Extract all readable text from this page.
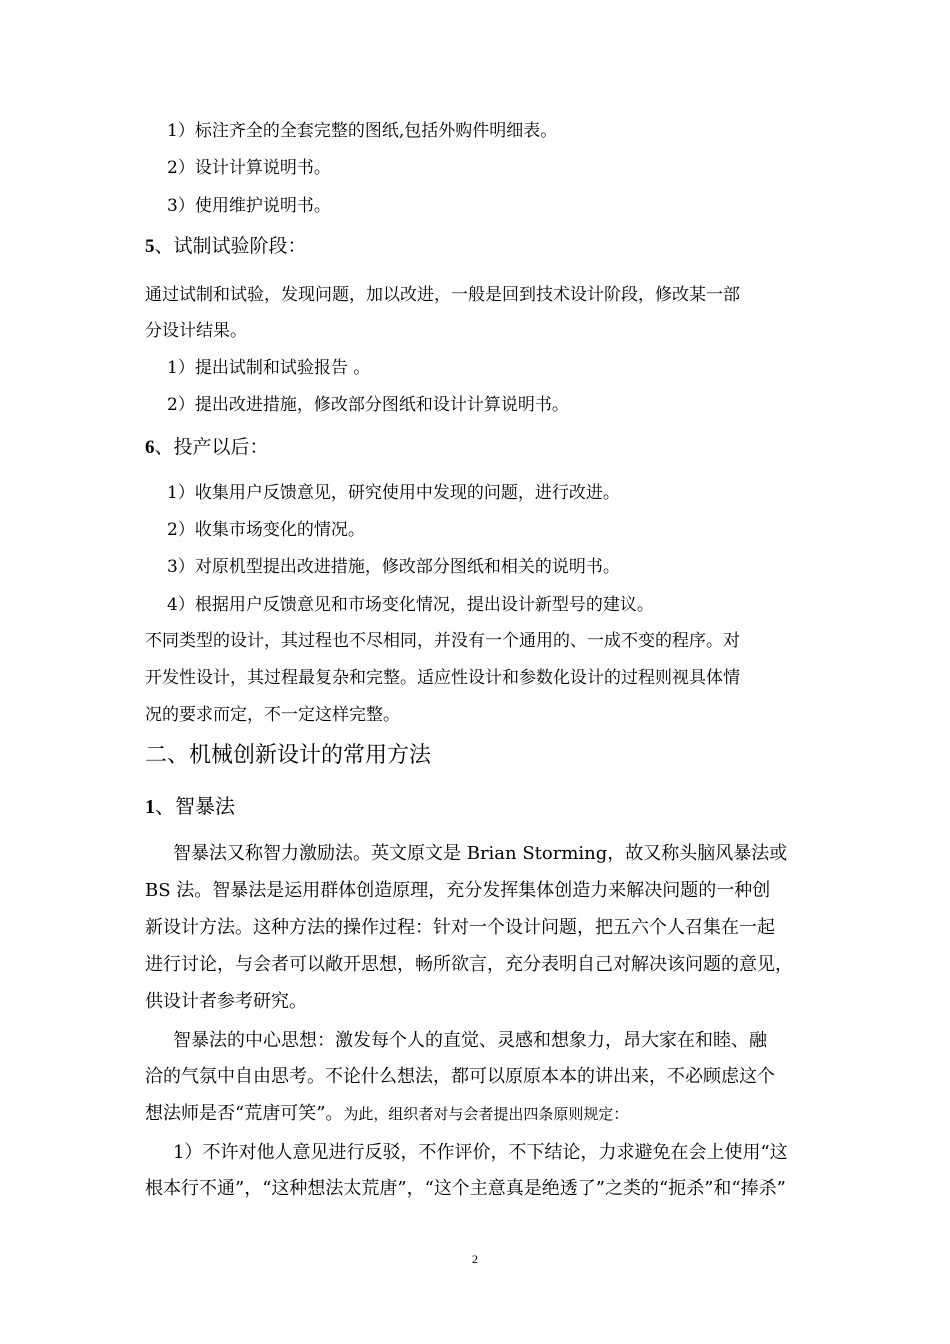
1）标注齐全的全套完整的图纸,包括外购件明细表。
2）设计计算说明书。
3）使用维护说明书。
5、试制试验阶段：
通过试制和试验，发现问题，加以改进，一般是回到技术设计阶段，修改某一部
分设计结果。
1）提出试制和试验报告 。
2）提出改进措施，修改部分图纸和设计计算说明书。
6、投产以后：
1）收集用户反馈意见，研究使用中发现的问题，进行改进。
2）收集市场变化的情况。
3）对原机型提出改进措施，修改部分图纸和相关的说明书。
4）根据用户反馈意见和市场变化情况，提出设计新型号的建议。
不同类型的设计，其过程也不尽相同，并没有一个通用的、一成不变的程序。对
开发性设计，其过程最复杂和完整。适应性设计和参数化设计的过程则视具体情
况的要求而定，不一定这样完整。
二、机械创新设计的常用方法
1、智暴法
智暴法又称智力激励法。英文原文是 Brian Storming，故又称头脑风暴法或
BS 法。智暴法是运用群体创造原理，充分发挥集体创造力来解决问题的一种创
新设计方法。这种方法的操作过程：针对一个设计问题，把五六个人召集在一起
进行讨论，与会者可以敞开思想，畅所欲言，充分表明自己对解决该问题的意见，
供设计者参考研究。
智暴法的中心思想：激发每个人的直觉、灵感和想象力，昂大家在和睦、融
洽的气氛中自由思考。不论什么想法，都可以原原本本的讲出来，不必顾虑这个
想法师是否“荒唐可笑”。为此，组织者对与会者提出四条原则规定：
1）不许对他人意见进行反驳，不作评价，不下结论，力求避免在会上使用“这
根本行不通”，“这种想法太荒唐”，“这个主意真是绝透了”之类的“扼杀”和“捧杀”
2
